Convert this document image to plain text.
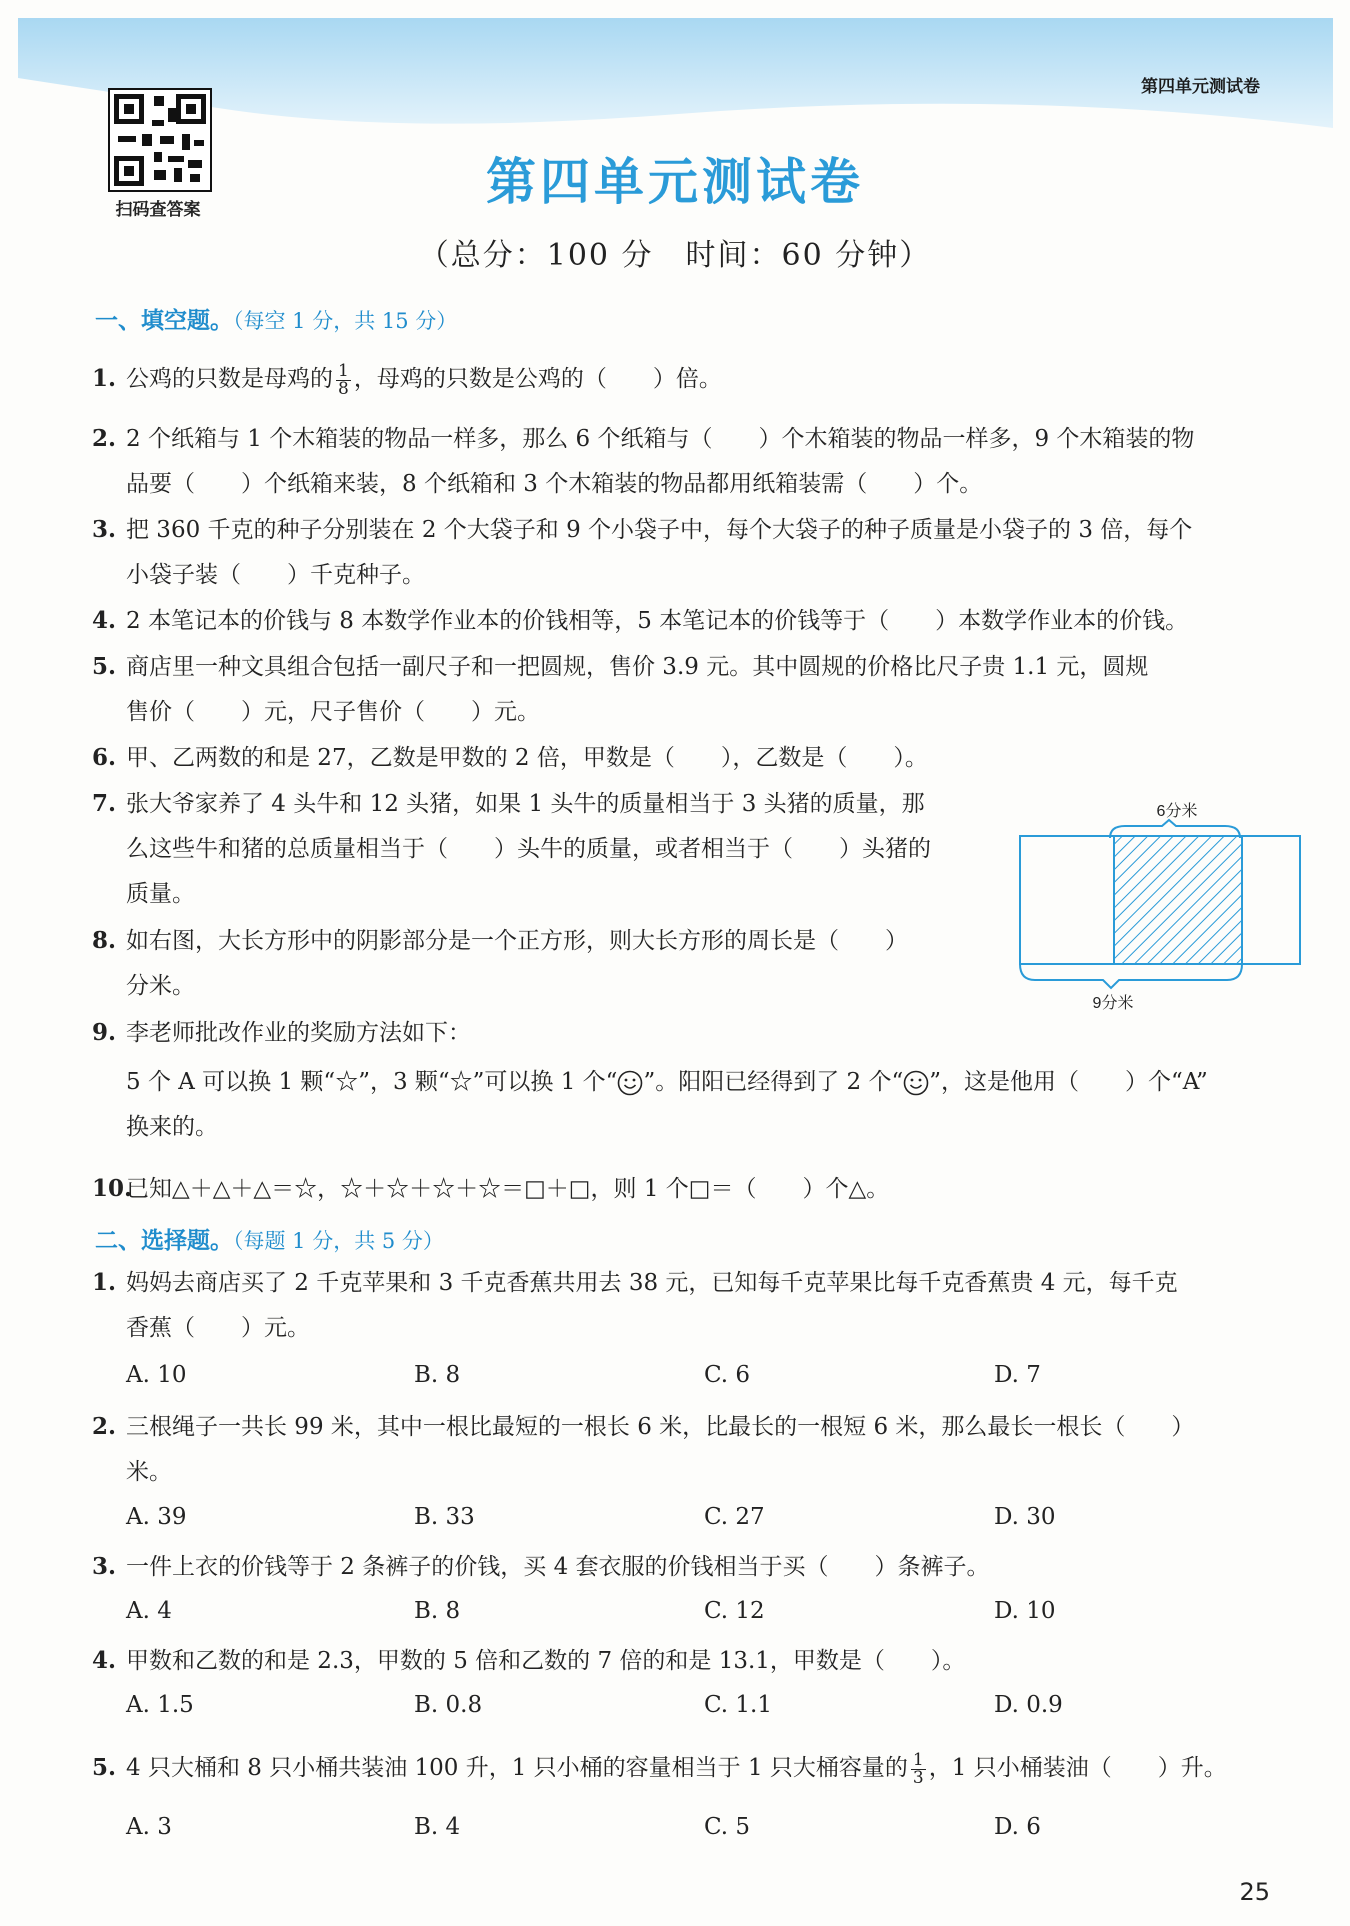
第四单元测试卷
扫码查答案	第四单元测试卷
（总分：100 分　时间：60 分钟）
一、填空题。（每空 1 分，共 15 分）
1. 公鸡的只数是母鸡的 $\frac{1}{8}$ ，母鸡的只数是公鸡的（　　）倍。
2. 2 个纸箱与 1 个木箱装的物品一样多，那么 6 个纸箱与（　　）个木箱装的物品一样多，9 个木箱装的物
品要（　　）个纸箱来装，8 个纸箱和 3 个木箱装的物品都用纸箱装需（　　）个。
3. 把 360 千克的种子分别装在 2 个大袋子和 9 个小袋子中，每个大袋子的种子质量是小袋子的 3 倍，每个
小袋子装（　　）千克种子。
4. 2 本笔记本的价钱与 8 本数学作业本的价钱相等，5 本笔记本的价钱等于（　　）本数学作业本的价钱。
5. 商店里一种文具组合包括一副尺子和一把圆规，售价 3.9 元。其中圆规的价格比尺子贵 1.1 元，圆规
售价（　　）元，尺子售价（　　）元。
6. 甲、乙两数的和是 27，乙数是甲数的 2 倍，甲数是（　　），乙数是（　　）。
7. 张大爷家养了 4 头牛和 12 头猪，如果 1 头牛的质量相当于 3 头猪的质量，那
么这些牛和猪的总质量相当于（　　）头牛的质量，或者相当于（　　）头猪的
质量。
8. 如右图，大长方形中的阴影部分是一个正方形，则大长方形的周长是（　　）
分米。
6分米
9分米
9. 李老师批改作业的奖励方法如下：
5 个 A 可以换 1 颗“☆”，3 颗“☆”可以换 1 个“ ”。阳阳已经得到了 2 个“ ”，这是他用（　　）个“A”
换来的。
10.已知△＋△＋△＝☆，☆＋☆＋☆＋☆＝□＋□，则 1 个□＝（　　）个△。
二、选择题。（每题 1 分，共 5 分）
1. 妈妈去商店买了 2 千克苹果和 3 千克香蕉共用去 38 元，已知每千克苹果比每千克香蕉贵 4 元，每千克
香蕉（　　）元。
A. 10	B. 8	C. 6	D. 7
2. 三根绳子一共长 99 米，其中一根比最短的一根长 6 米，比最长的一根短 6 米，那么最长一根长（　　）
米。
A. 39	B. 33	C. 27	D. 30
3. 一件上衣的价钱等于 2 条裤子的价钱，买 4 套衣服的价钱相当于买（　　）条裤子。
A. 4	B. 8	C. 12	D. 10
4. 甲数和乙数的和是 2.3，甲数的 5 倍和乙数的 7 倍的和是 13.1，甲数是（　　）。
A. 1.5	B. 0.8	C. 1.1	D. 0.9
5. 4 只大桶和 8 只小桶共装油 100 升，1 只小桶的容量相当于 1 只大桶容量的 $\frac{1}{3}$ ，1 只小桶装油（　　）升。
A. 3	B. 4	C. 5	D. 6
25
